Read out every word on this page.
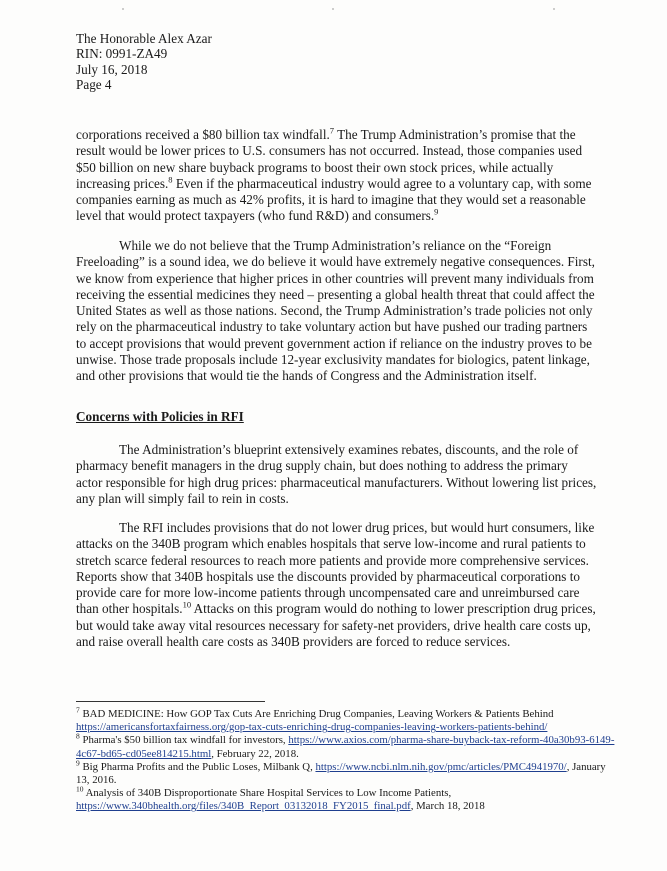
The Honorable Alex Azar
RIN: 0991-ZA49
July 16, 2018
Page 4
corporations received a $80 billion tax windfall.$^7$ The Trump Administration’s promise that the result would be lower prices to U.S. consumers has not occurred. Instead, those companies used $50 billion on new share buyback programs to boost their own stock prices, while actually increasing prices.$^8$ Even if the pharmaceutical industry would agree to a voluntary cap, with some companies earning as much as 42% profits, it is hard to imagine that they would set a reasonable level that would protect taxpayers (who fund R&D) and consumers.$^9$
While we do not believe that the Trump Administration’s reliance on the “Foreign Freeloading” is a sound idea, we do believe it would have extremely negative consequences. First, we know from experience that higher prices in other countries will prevent many individuals from receiving the essential medicines they need – presenting a global health threat that could affect the United States as well as those nations. Second, the Trump Administration’s trade policies not only rely on the pharmaceutical industry to take voluntary action but have pushed our trading partners to accept provisions that would prevent government action if reliance on the industry proves to be unwise. Those trade proposals include 12-year exclusivity mandates for biologics, patent linkage, and other provisions that would tie the hands of Congress and the Administration itself.
Concerns with Policies in RFI
The Administration’s blueprint extensively examines rebates, discounts, and the role of pharmacy benefit managers in the drug supply chain, but does nothing to address the primary actor responsible for high drug prices: pharmaceutical manufacturers. Without lowering list prices, any plan will simply fail to rein in costs.
The RFI includes provisions that do not lower drug prices, but would hurt consumers, like attacks on the 340B program which enables hospitals that serve low-income and rural patients to stretch scarce federal resources to reach more patients and provide more comprehensive services. Reports show that 340B hospitals use the discounts provided by pharmaceutical corporations to provide care for more low-income patients through uncompensated care and unreimbursed care than other hospitals.$^{10}$ Attacks on this program would do nothing to lower prescription drug prices, but would take away vital resources necessary for safety-net providers, drive health care costs up, and raise overall health care costs as 340B providers are forced to reduce services.
$^7$ BAD MEDICINE: How GOP Tax Cuts Are Enriching Drug Companies, Leaving Workers & Patients Behind https://americansfortaxfairness.org/gop-tax-cuts-enriching-drug-companies-leaving-workers-patients-behind/
$^8$ Pharma's $50 billion tax windfall for investors, https://www.axios.com/pharma-share-buyback-tax-reform-40a30b93-6149-4c67-bd65-cd05ee814215.html, February 22, 2018.
$^9$ Big Pharma Profits and the Public Loses, Milbank Q, https://www.ncbi.nlm.nih.gov/pmc/articles/PMC4941970/, January 13, 2016.
$^{10}$ Analysis of 340B Disproportionate Share Hospital Services to Low Income Patients, https://www.340bhealth.org/files/340B_Report_03132018_FY2015_final.pdf, March 18, 2018
